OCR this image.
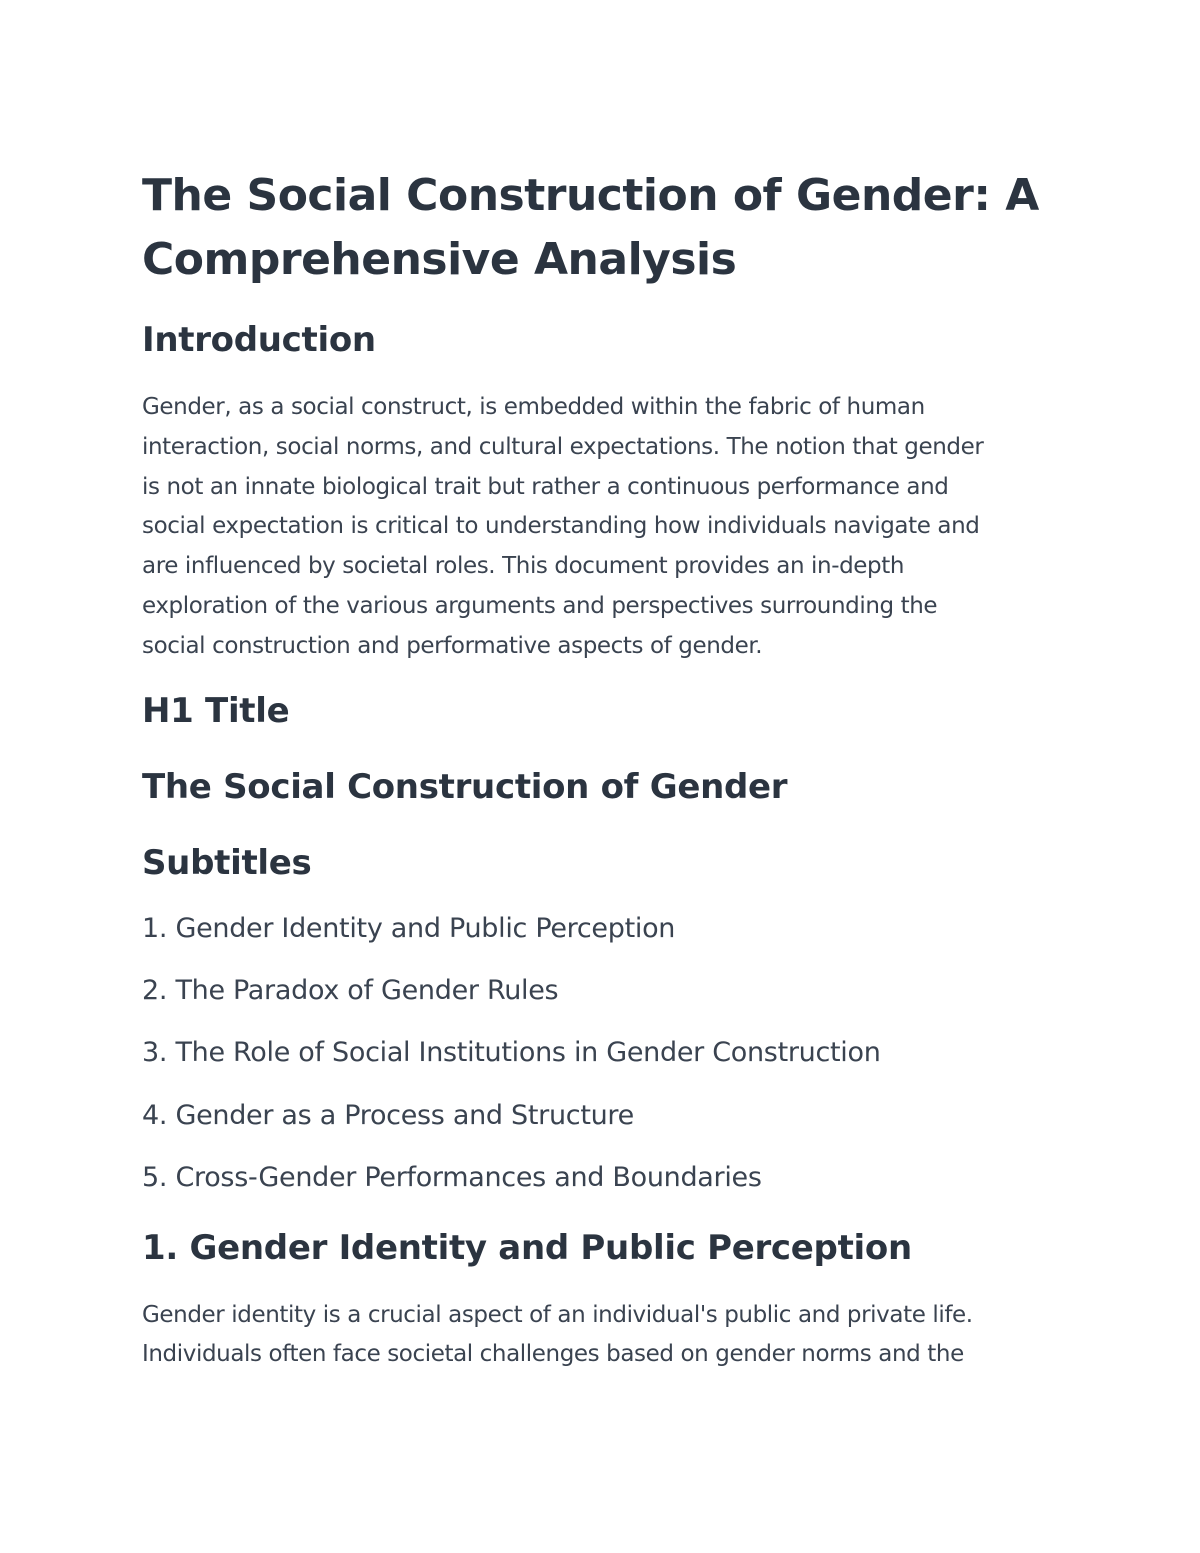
The Social Construction of Gender: A
Comprehensive Analysis
Introduction

Gender, as a social construct, is embedded within the fabric of human
interaction, social norms, and cultural expectations. The notion that gender
is not an innate biological trait but rather a continuous performance and
social expectation is critical to understanding how individuals navigate and
are influenced by societal roles. This document provides an in-depth
exploration of the various arguments and perspectives surrounding the
social construction and performative aspects of gender.

H1 Title
The Social Construction of Gender
Subtitles
1. Gender Identity and Public Perception
2. The Paradox of Gender Rules
3. The Role of Social Institutions in Gender Construction
4. Gender as a Process and Structure
5. Cross-Gender Performances and Boundaries
1. Gender Identity and Public Perception

Gender identity is a crucial aspect of an individual's public and private life.
Individuals often face societal challenges based on gender norms and the
